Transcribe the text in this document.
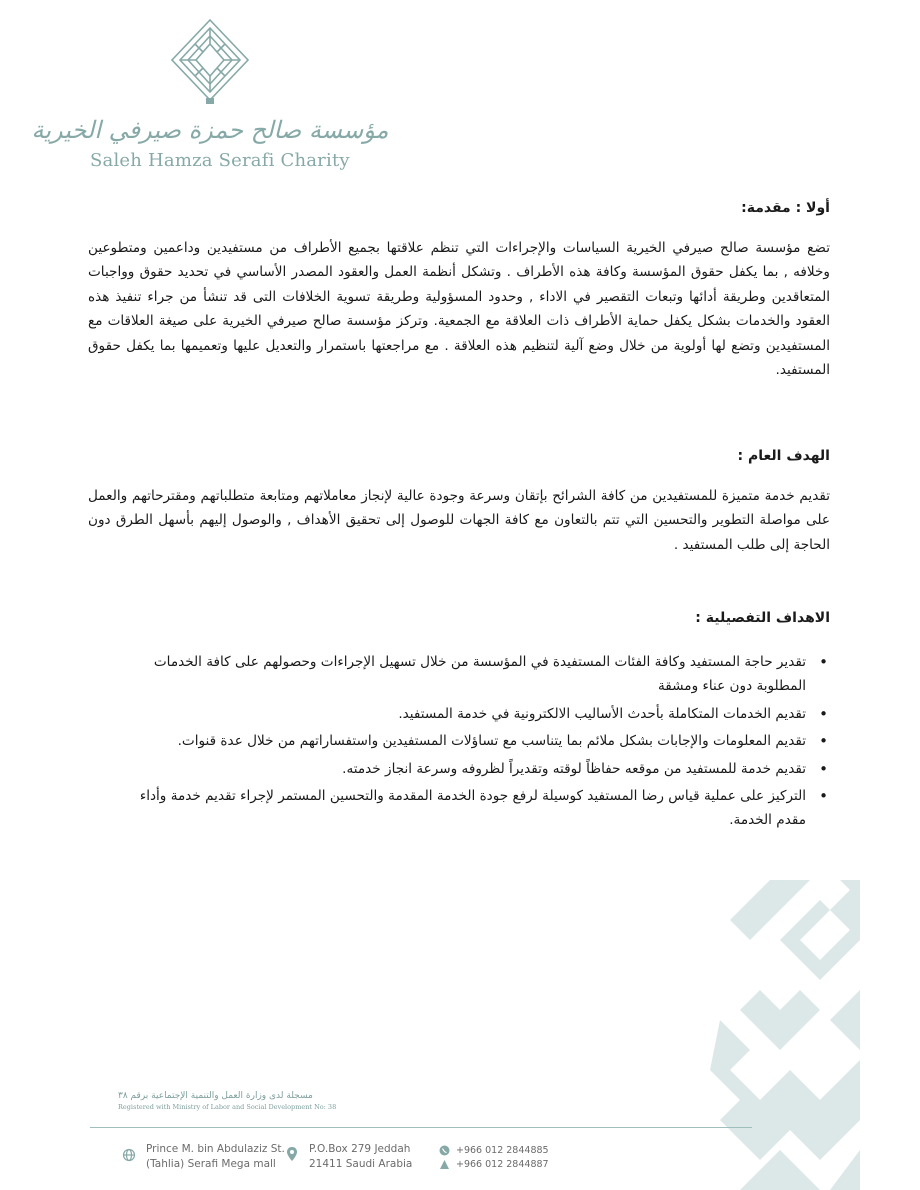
مؤسسة صالح حمزة صيرفي الخيرية
Saleh Hamza Serafi Charity
أولا : مقدمة:
تضع مؤسسة صالح صيرفي الخيرية السياسات والإجراءات التي تنظم علاقتها بجميع الأطراف من مستفيدين وداعمين ومتطوعين وخلافه , بما يكفل حقوق المؤسسة وكافة هذه الأطراف . وتشكل أنظمة العمل والعقود المصدر الأساسي في تحديد حقوق وواجبات المتعاقدين وطريقة أدائها وتبعات التقصير في الاداء , وحدود المسؤولية وطريقة تسوية الخلافات التى قد تنشأ من جراء تنفيذ هذه العقود والخدمات بشكل يكفل حماية الأطراف ذات العلاقة مع الجمعية. وتركز مؤسسة صالح صيرفي الخيرية على صيغة العلاقات مع المستفيدين وتضع لها أولوية من خلال وضع آلية لتنظيم هذه العلاقة . مع مراجعتها باستمرار والتعديل عليها وتعميمها بما يكفل حقوق المستفيد.
الهدف العام :
تقديم خدمة متميزة للمستفيدين من كافة الشرائح بإتقان وسرعة وجودة عالية لإنجاز معاملاتهم ومتابعة متطلباتهم ومقترحاتهم والعمل على مواصلة التطوير والتحسين التي تتم بالتعاون مع كافة الجهات للوصول إلى تحقيق الأهداف , والوصول إليهم بأسهل الطرق دون الحاجة إلى طلب المستفيد .
الاهداف التفصيلية :
• تقدير حاجة المستفيد وكافة الفئات المستفيدة في المؤسسة من خلال تسهيل الإجراءات وحصولهم على كافة الخدمات المطلوبة دون عناء ومشقة
• تقديم الخدمات المتكاملة بأحدث الأساليب الالكترونية في خدمة المستفيد.
• تقديم المعلومات والإجابات بشكل ملائم بما يتناسب مع تساؤلات المستفيدين واستفساراتهم من خلال عدة قنوات.
• تقديم خدمة للمستفيد من موقعه حفاظاً لوقته وتقديراً لظروفه وسرعة انجاز خدمته.
• التركيز على عملية قياس رضا المستفيد كوسيلة لرفع جودة الخدمة المقدمة والتحسين المستمر لإجراء تقديم خدمة وأداء مقدم الخدمة.
مسجلة لدى وزارة العمل والتنمية الإجتماعية برقم ٣٨
Registered with Ministry of Labor and Social Development No: 38
Prince M. bin Abdulaziz St.
(Tahlia) Serafi Mega mall
P.O.Box 279 Jeddah
21411 Saudi Arabia
+966 012 2844885
+966 012 2844887
